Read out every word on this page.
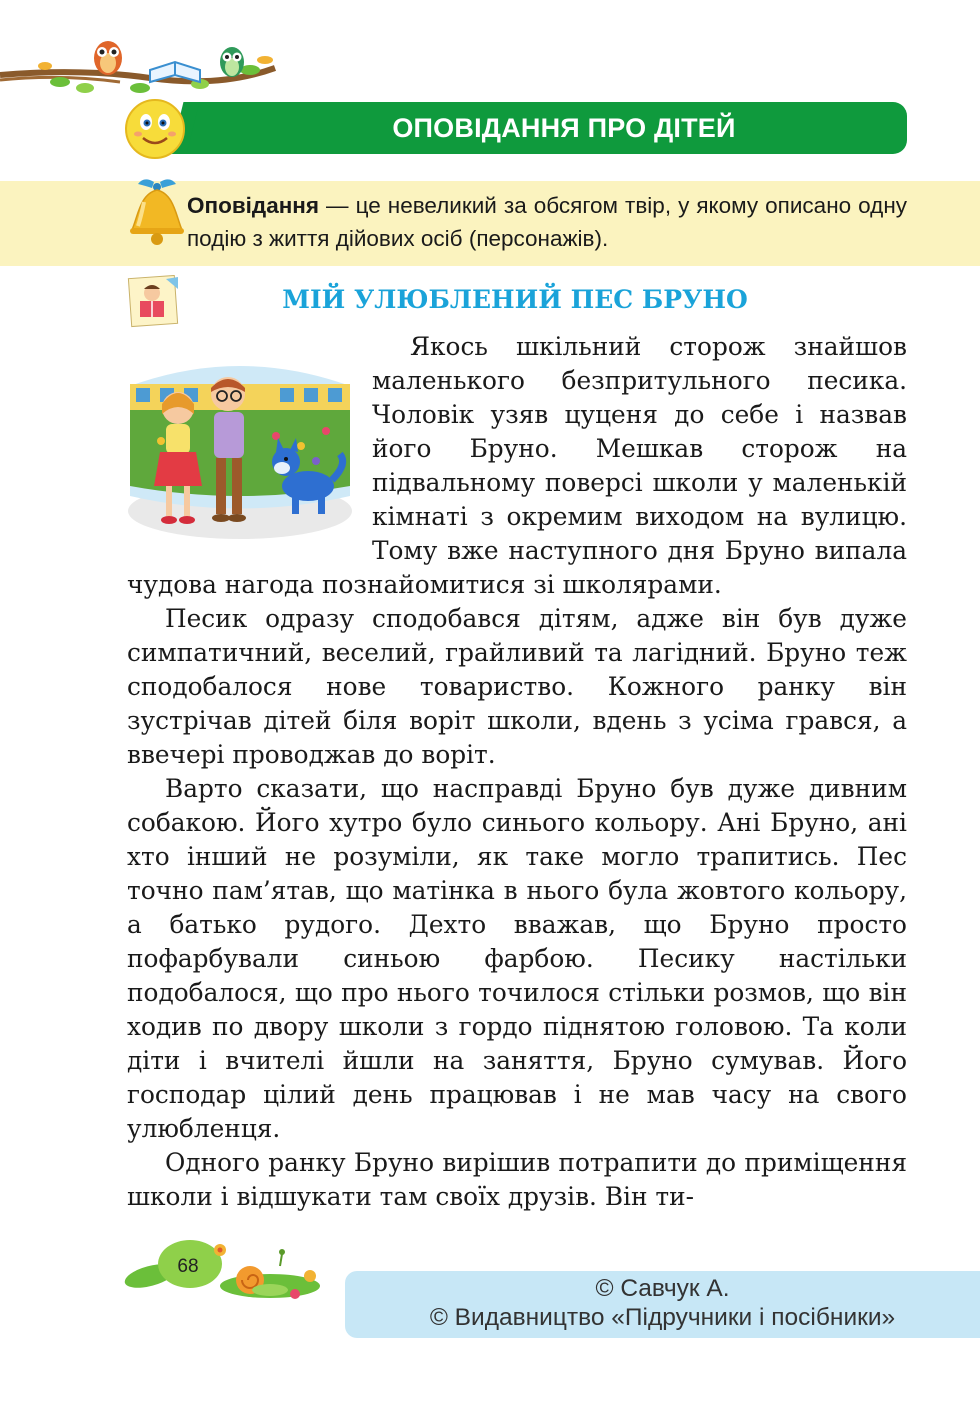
ОПОВІДАННЯ ПРО ДІТЕЙ
Оповідання — це невеликий за обсягом твір, у якому описано одну подію з життя дійових осіб (персонажів).
МІЙ УЛЮБЛЕНИЙ ПЕС БРУНО

Якось шкільний сторож знайшов маленького безпритульного песика. Чоловік узяв цуценя до себе і назвав його Бруно. Мешкав сторож на підвальному поверсі школи у маленькій кімнаті з окремим виходом на вулицю. Тому вже наступного дня Бруно випала чудова нагода познайомитися зі школярами.

Песик одразу сподобався дітям, адже він був дуже симпатичний, веселий, грайливий та лагідний. Бруно теж сподобалося нове товариство. Кожного ранку він зустрічав дітей біля воріт школи, вдень з усіма грався, а ввечері проводжав до воріт.

Варто сказати, що насправді Бруно був дуже дивним собакою. Його хутро було синього кольору. Ані Бруно, ані хто інший не розуміли, як таке могло трапитись. Пес точно пам’ятав, що матінка в нього була жовтого кольору, а батько рудого. Дехто вважав, що Бруно просто пофарбували синьою фарбою. Песику настільки подобалося, що про нього точилося стільки розмов, що він ходив по двору школи з гордо піднятою головою. Та коли діти і вчителі йшли на заняття, Бруно сумував. Його господар цілий день працював і не мав часу на свого улюбленця.

Одного ранку Бруно вирішив потрапити до приміщення школи і відшукати там своїх друзів. Він ти-

68
© Савчук А.
© Видавництво «Підручники і посібники»
